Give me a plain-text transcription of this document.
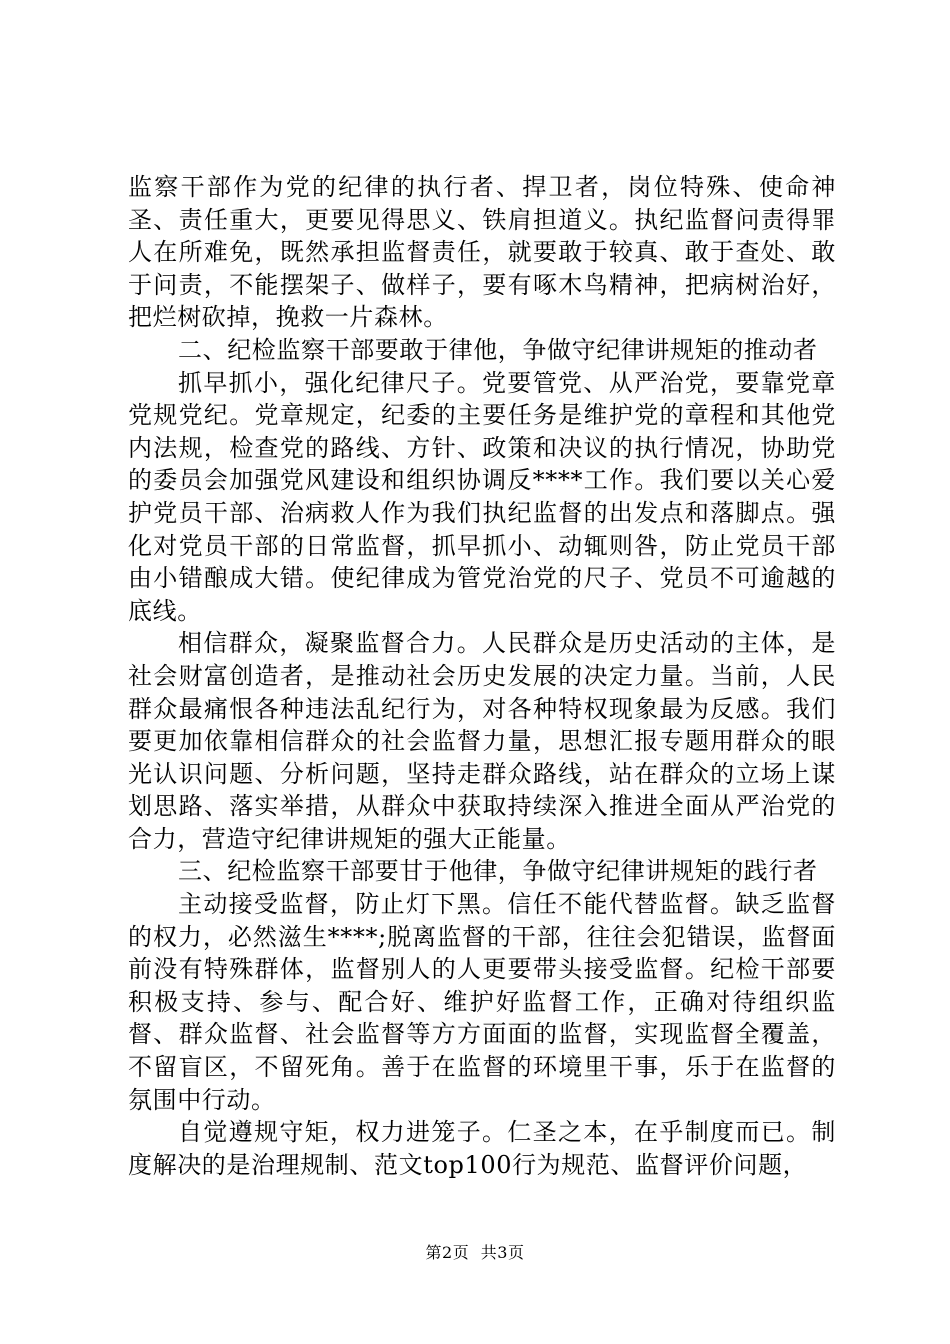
监察干部作为党的纪律的执行者、捍卫者，岗位特殊、使命神圣、责任重大，更要见得思义、铁肩担道义。执纪监督问责得罪人在所难免，既然承担监督责任，就要敢于较真、敢于查处、敢于问责，不能摆架子、做样子，要有啄木鸟精神，把病树治好，把烂树砍掉，挽救一片森林。

二、纪检监察干部要敢于律他，争做守纪律讲规矩的推动者

抓早抓小，强化纪律尺子。党要管党、从严治党，要靠党章党规党纪。党章规定，纪委的主要任务是维护党的章程和其他党内法规，检查党的路线、方针、政策和决议的执行情况，协助党的委员会加强党风建设和组织协调反****工作。我们要以关心爱护党员干部、治病救人作为我们执纪监督的出发点和落脚点。强化对党员干部的日常监督，抓早抓小、动辄则咎，防止党员干部由小错酿成大错。使纪律成为管党治党的尺子、党员不可逾越的底线。

相信群众，凝聚监督合力。人民群众是历史活动的主体，是社会财富创造者，是推动社会历史发展的决定力量。当前，人民群众最痛恨各种违法乱纪行为，对各种特权现象最为反感。我们要更加依靠相信群众的社会监督力量，思想汇报专题用群众的眼光认识问题、分析问题，坚持走群众路线，站在群众的立场上谋划思路、落实举措，从群众中获取持续深入推进全面从严治党的合力，营造守纪律讲规矩的强大正能量。

三、纪检监察干部要甘于他律，争做守纪律讲规矩的践行者

主动接受监督，防止灯下黑。信任不能代替监督。缺乏监督的权力，必然滋生****;脱离监督的干部，往往会犯错误，监督面前没有特殊群体，监督别人的人更要带头接受监督。纪检干部要积极支持、参与、配合好、维护好监督工作，正确对待组织监督、群众监督、社会监督等方方面面的监督，实现监督全覆盖，不留盲区，不留死角。善于在监督的环境里干事，乐于在监督的氛围中行动。

自觉遵规守矩，权力进笼子。仁圣之本，在乎制度而已。制度解决的是治理规制、范文top100行为规范、监督评价问题，

第2页 共3页
